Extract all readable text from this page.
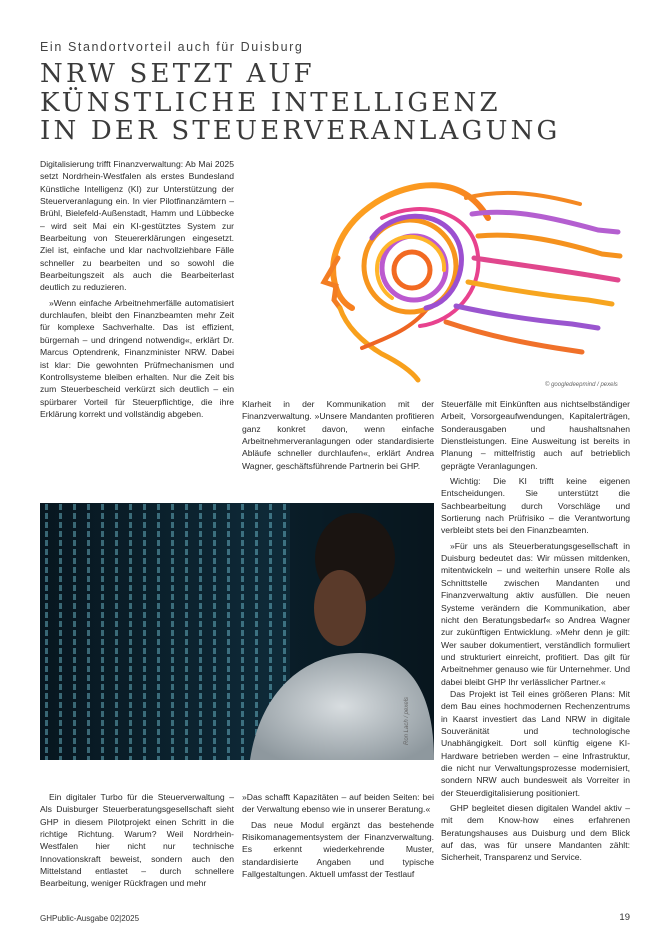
Ein Standortvorteil auch für Duisburg
NRW SETZT AUF
KÜNSTLICHE INTELLIGENZ
IN DER STEUERVERANLAGUNG

Digitalisierung trifft Finanzverwaltung: Ab Mai 2025 setzt Nordrhein-Westfalen als erstes Bundesland Künstliche Intelligenz (KI) zur Unterstützung der Steuerveranlagung ein. In vier Pilotfinanzämtern – Brühl, Bielefeld-Außenstadt, Hamm und Lübbecke – wird seit Mai ein KI-gestütztes System zur Bearbeitung von Steuererklärungen eingesetzt. Ziel ist, einfache und klar nachvollziehbare Fälle schneller zu bearbeiten und so sowohl die Bearbeitungszeit als auch die Bearbeiterlast deutlich zu reduzieren.

»Wenn einfache Arbeitnehmerfälle automatisiert durchlaufen, bleibt den Finanzbeamten mehr Zeit für komplexe Sachverhalte. Das ist effizient, bürgernah – und dringend notwendig«, erklärt Dr. Marcus Optendrenk, Finanzminister NRW. Dabei ist klar: Die gewohnten Prüfmechanismen und Kontrollsysteme bleiben erhalten. Nur die Zeit bis zum Steuerbescheid verkürzt sich deutlich – ein spürbarer Vorteil für Steuerpflichtige, die ihre Erklärung korrekt und vollständig abgeben.

© googledeepmind / pexels

Klarheit in der Kommunikation mit der Finanzverwaltung. »Unsere Mandanten profitieren ganz konkret davon, wenn einfache Arbeitnehmerveranlagungen oder standardisierte Abläufe schneller durchlaufen«, erklärt Andrea Wagner, geschäftsführende Partnerin bei GHP.

Ron Lach / pexels

Ein digitaler Turbo für die Steuerverwaltung – Als Duisburger Steuerberatungsgesellschaft sieht GHP in diesem Pilotprojekt einen Schritt in die richtige Richtung. Warum? Weil Nordrhein-Westfalen hier nicht nur technische Innovationskraft beweist, sondern auch den Mittelstand entlastet – durch schnellere Bearbeitung, weniger Rückfragen und mehr

»Das schafft Kapazitäten – auf beiden Seiten: bei der Verwaltung ebenso wie in unserer Beratung.«

Das neue Modul ergänzt das bestehende Risikomanagementsystem der Finanzverwaltung. Es erkennt wiederkehrende Muster, standardisierte Angaben und typische Fallgestaltungen. Aktuell umfasst der Testlauf

Steuerfälle mit Einkünften aus nichtselbständiger Arbeit, Vorsorgeaufwendungen, Kapitalerträgen, Sonderausgaben und haushaltsnahen Dienstleistungen. Eine Ausweitung ist bereits in Planung – mittelfristig auch auf betrieblich geprägte Veranlagungen.

Wichtig: Die KI trifft keine eigenen Entscheidungen. Sie unterstützt die Sachbearbeitung durch Vorschläge und Sortierung nach Prüfrisiko – die Verantwortung verbleibt stets bei den Finanzbeamten.

»Für uns als Steuerberatungsgesellschaft in Duisburg bedeutet das: Wir müssen mitdenken, mitentwickeln – und weiterhin unsere Rolle als Schnittstelle zwischen Mandanten und Finanzverwaltung aktiv ausfüllen. Die neuen Systeme verändern die Kommunikation, aber nicht den Beratungsbedarf« so Andrea Wagner zur zukünftigen Entwicklung. »Mehr denn je gilt: Wer sauber dokumentiert, verständlich formuliert und strukturiert einreicht, profitiert. Das gilt für Arbeitnehmer genauso wie für Unternehmer. Und dabei bleibt GHP Ihr verlässlicher Partner.«

Das Projekt ist Teil eines größeren Plans: Mit dem Bau eines hochmodernen Rechenzentrums in Kaarst investiert das Land NRW in digitale Souveränität und technologische Unabhängigkeit. Dort soll künftig eigene KI-Hardware betrieben werden – eine Infrastruktur, die nicht nur Verwaltungsprozesse modernisiert, sondern NRW auch bundesweit als Vorreiter in der Steuerdigitalisierung positioniert.

GHP begleitet diesen digitalen Wandel aktiv – mit dem Know-how eines erfahrenen Beratungshauses aus Duisburg und dem Blick auf das, was für unsere Mandanten zählt: Sicherheit, Transparenz und Service.

GHPublic-Ausgabe 02|2025	19
